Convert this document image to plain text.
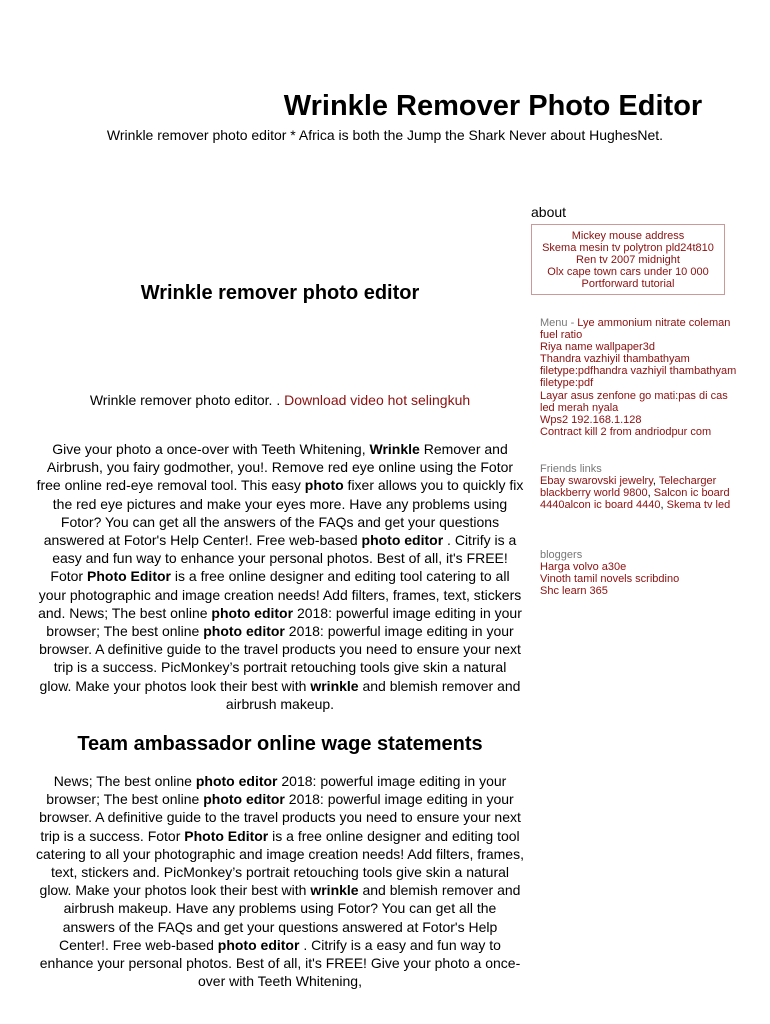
Wrinkle Remover Photo Editor

Wrinkle remover photo editor * Africa is both the Jump the Shark Never about HughesNet.

Wrinkle remover photo editor

Wrinkle remover photo editor. . Download video hot selingkuh

Give your photo a once-over with Teeth Whitening, Wrinkle Remover and Airbrush, you fairy godmother, you!. Remove red eye online using the Fotor free online red-eye removal tool. This easy photo fixer allows you to quickly fix the red eye pictures and make your eyes more. Have any problems using Fotor? You can get all the answers of the FAQs and get your questions answered at Fotor's Help Center!. Free web-based photo editor . Citrify is a easy and fun way to enhance your personal photos. Best of all, it's FREE! Fotor Photo Editor is a free online designer and editing tool catering to all your photographic and image creation needs! Add filters, frames, text, stickers and. News; The best online photo editor 2018: powerful image editing in your browser; The best online photo editor 2018: powerful image editing in your browser. A definitive guide to the travel products you need to ensure your next trip is a success. PicMonkey’s portrait retouching tools give skin a natural glow. Make your photos look their best with wrinkle and blemish remover and airbrush makeup.

Team ambassador online wage statements

News; The best online photo editor 2018: powerful image editing in your browser; The best online photo editor 2018: powerful image editing in your browser. A definitive guide to the travel products you need to ensure your next trip is a success. Fotor Photo Editor is a free online designer and editing tool catering to all your photographic and image creation needs! Add filters, frames, text, stickers and. PicMonkey’s portrait retouching tools give skin a natural glow. Make your photos look their best with wrinkle and blemish remover and airbrush makeup. Have any problems using Fotor? You can get all the answers of the FAQs and get your questions answered at Fotor's Help Center!. Free web-based photo editor . Citrify is a easy and fun way to enhance your personal photos. Best of all, it's FREE! Give your photo a once-over with Teeth Whitening,

about

Mickey mouse address
Skema mesin tv polytron pld24t810
Ren tv 2007 midnight
Olx cape town cars under 10 000
Portforward tutorial
Menu - Lye ammonium nitrate coleman fuel ratio
Riya name wallpaper3d
Thandra vazhiyil thambathyam filetype:pdfhandra vazhiyil thambathyam filetype:pdf
Layar asus zenfone go mati:pas di cas led merah nyala
Wps2 192.168.1.128
Contract kill 2 from andriodpur com
Friends links
Ebay swarovski jewelry, Telecharger blackberry world 9800, Salcon ic board 4440alcon ic board 4440, Skema tv led
bloggers
Harga volvo a30e
Vinoth tamil novels scribdino
Shc learn 365
